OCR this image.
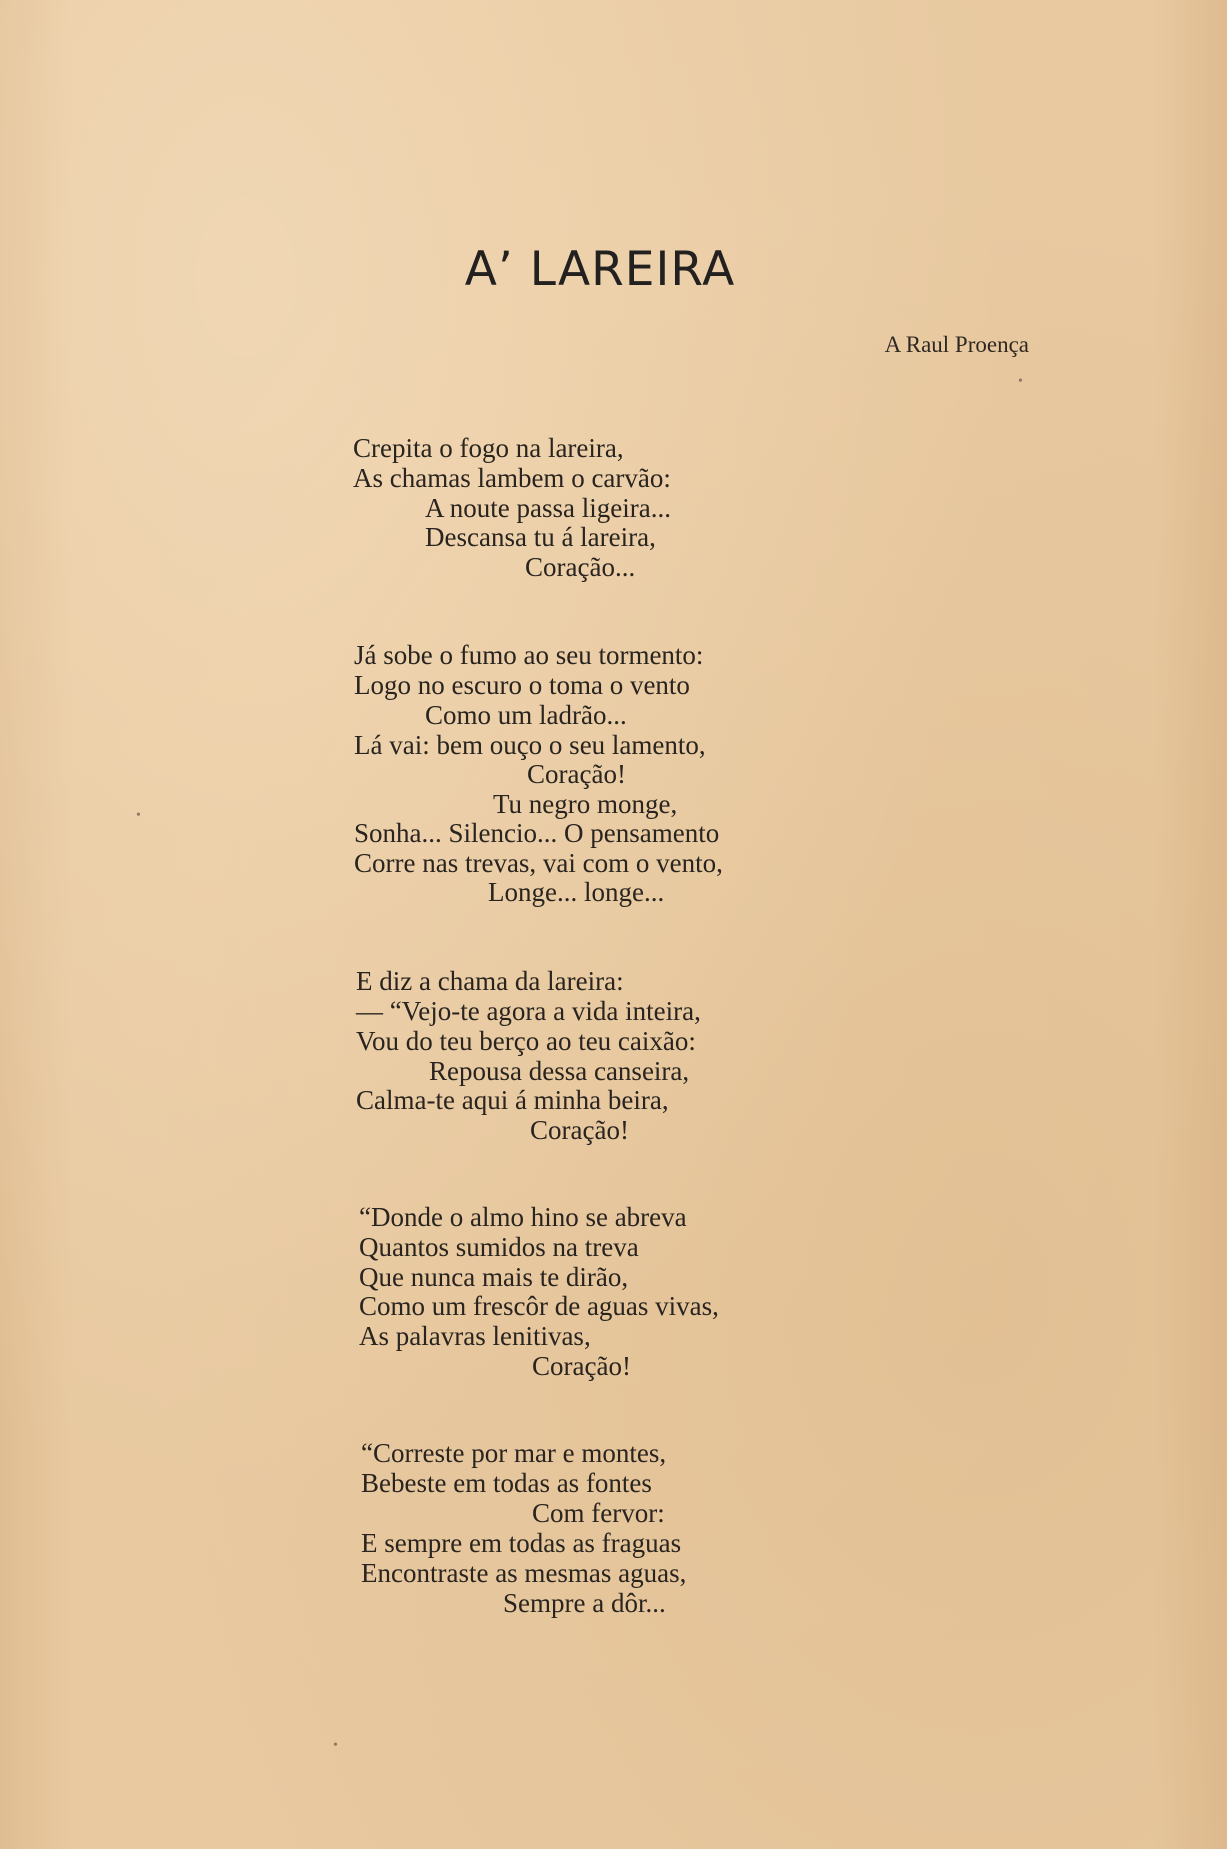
A’ LAREIRA
A Raul Proença
Crepita o fogo na lareira,
As chamas lambem o carvão:
A noute passa ligeira...
Descansa tu á lareira,
Coração...
Já sobe o fumo ao seu tormento:
Logo no escuro o toma o vento
Como um ladrão...
Lá vai: bem ouço o seu lamento,
Coração!
Tu negro monge,
Sonha... Silencio... O pensamento
Corre nas trevas, vai com o vento,
Longe... longe...
E diz a chama da lareira:
— “Vejo-te agora a vida inteira,
Vou do teu berço ao teu caixão:
Repousa dessa canseira,
Calma-te aqui á minha beira,
Coração!
“Donde o almo hino se abreva
Quantos sumidos na treva
Que nunca mais te dirão,
Como um frescôr de aguas vivas,
As palavras lenitivas,
Coração!
“Correste por mar e montes,
Bebeste em todas as fontes
Com fervor:
E sempre em todas as fraguas
Encontraste as mesmas aguas,
Sempre a dôr...
•
•
•
